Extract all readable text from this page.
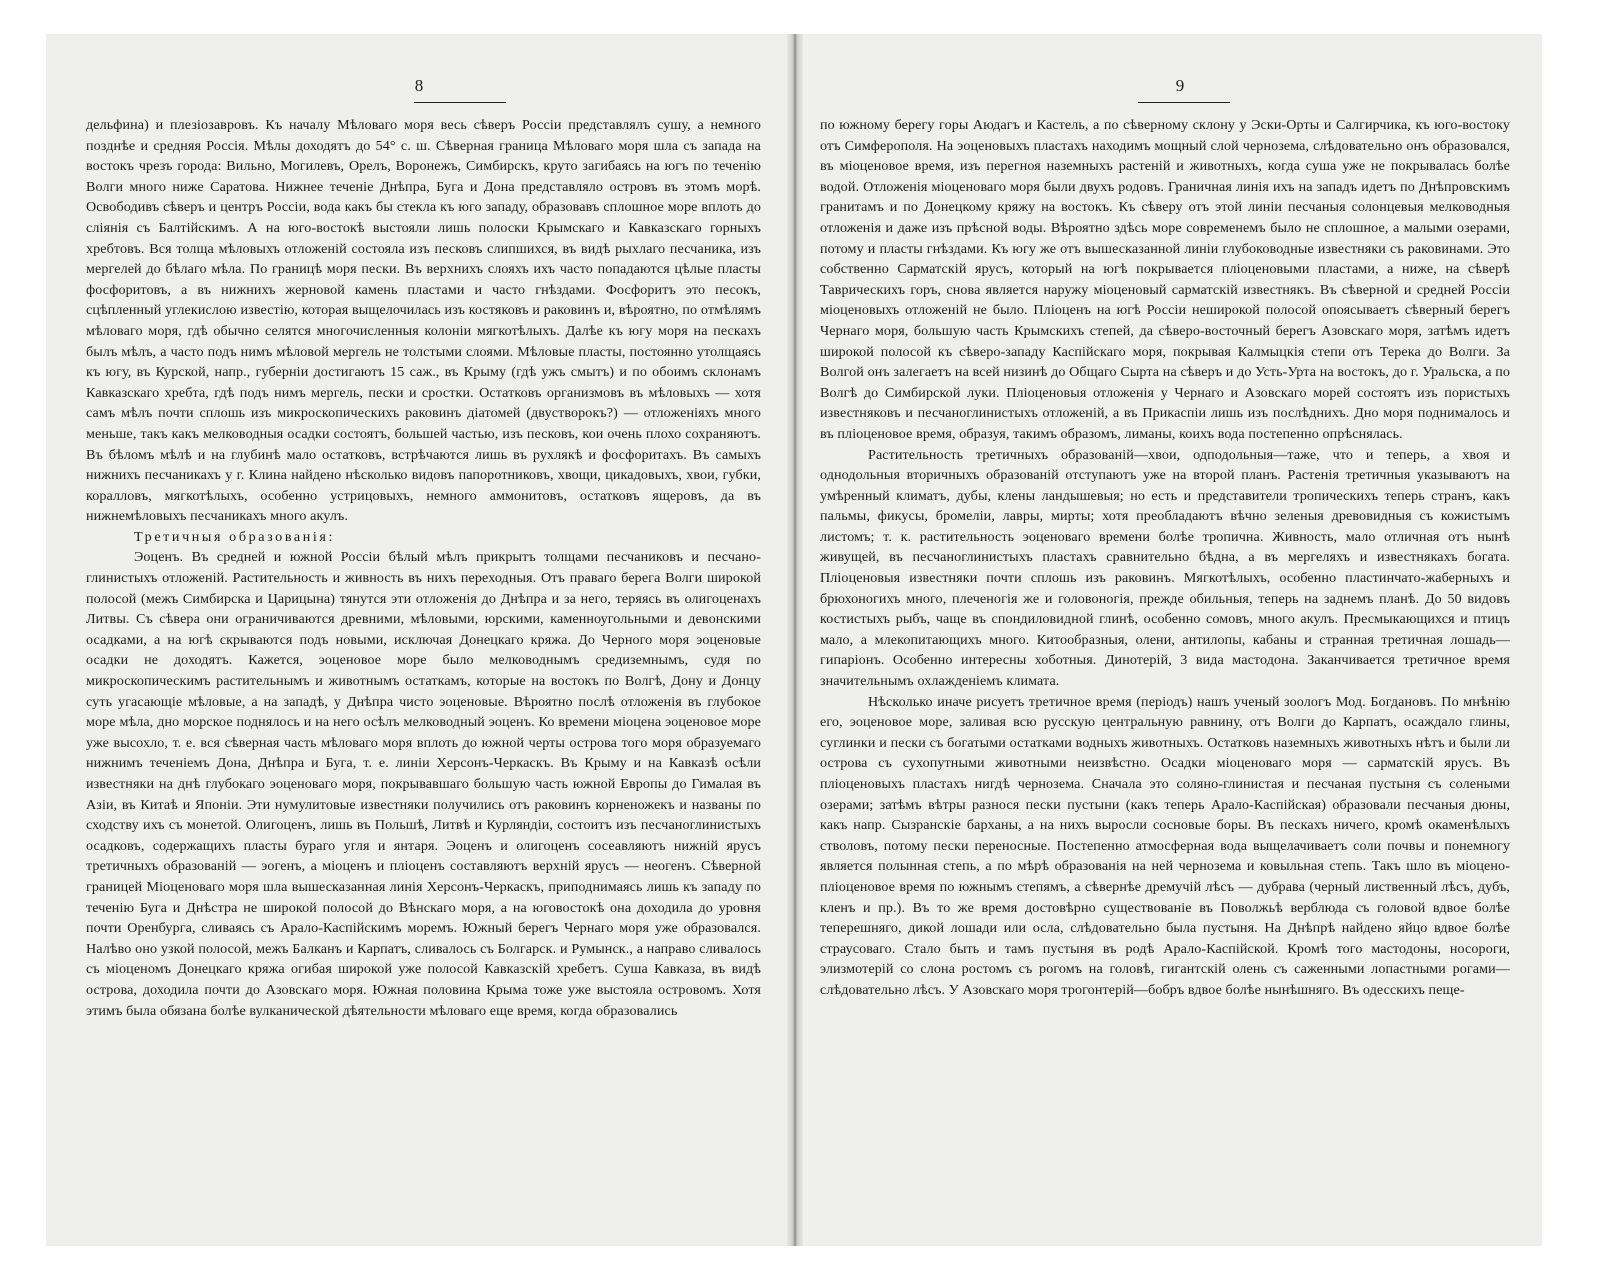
8

дельфина) и плезiозавровъ. Къ началу Мѣловаго моря весь сѣверъ Россiи представлялъ сушу, а немного позднѣе и средняя Россiя. Мѣлы доходятъ до 54° с. ш. Сѣверная граница Мѣловаго моря шла съ запада на востокъ чрезъ города: Вильно, Могилевъ, Орелъ, Воронежъ, Симбирскъ, круто загибаясь на югъ по теченiю Волги много ниже Саратова. Нижнее теченiе Днѣпра, Буга и Дона представляло островъ въ этомъ морѣ. Освободивъ сѣверъ и центръ Россiи, вода какъ бы стекла къ юго западу, образовавъ сплошное море вплоть до слiянiя съ Балтiйскимъ. А на юго-востокѣ выстояли лишь полоски Крымскаго и Кавказскаго горныхъ хребтовъ. Вся толща мѣловыхъ отложенiй состояла изъ песковъ слипшихся, въ видѣ рыхлаго песчаника, изъ мергелей до бѣлаго мѣла. По границѣ моря пески. Въ верхнихъ слояхъ ихъ часто попадаются цѣлые пласты фосфоритовъ, а въ нижнихъ жерновой камень пластами и часто гнѣздами. Фосфоритъ это песокъ, сцѣпленный углекислою известiю, которая выщелочилась изъ костяковъ и раковинъ и, вѣроятно, по отмѣлямъ мѣловаго моря, гдѣ обычно селятся многочисленныя колонiи мягкотѣлыхъ. Далѣе къ югу моря на пескахъ былъ мѣлъ, а часто подъ нимъ мѣловой мергель не толстыми слоями. Мѣловые пласты, постоянно утолщаясь къ югу, въ Курской, напр., губернiи достигаютъ 15 саж., въ Крыму (гдѣ ужъ смытъ) и по обоимъ склонамъ Кавказскаго хребта, гдѣ подъ нимъ мергель, пески и сростки. Остатковъ организмовъ въ мѣловыхъ — хотя самъ мѣлъ почти сплошь изъ микроскопическихъ раковинъ дiатомей (двустворокъ?) — отложенiяхъ много меньше, такъ какъ мелководныя осадки состоятъ, большей частью, изъ песковъ, кои очень плохо сохраняютъ. Въ бѣломъ мѣлѣ и на глубинѣ мало остатковъ, встрѣчаются лишь въ рухлякѣ и фосфоритахъ. Въ самыхъ нижнихъ песчаникахъ у г. Клина найдено нѣсколько видовъ папоротниковъ, хвощи, цикадовыхъ, хвои, губки, коралловъ, мягкотѣлыхъ, особенно устрицовыхъ, немного аммонитовъ, остатковъ ящеровъ, да въ нижнемѣловыхъ песчаникахъ много акулъ.

Третичныя образованiя:

Эоценъ. Въ средней и южной Россiи бѣлый мѣлъ прикрытъ толщами песчаниковъ и песчано-глинистыхъ отложенiй. Растительность и живность въ нихъ переходныя. Отъ праваго берега Волги широкой полосой (межъ Симбирска и Царицына) тянутся эти отложенiя до Днѣпра и за него, теряясь въ олигоценахъ Литвы. Съ сѣвера они ограничиваются древними, мѣловыми, юрскими, каменноугольными и девонскими осадками, а на югѣ скрываются подъ новыми, исключая Донецкаго кряжа. До Черного моря эоценовые осадки не доходятъ. Кажется, эоценовое море было мелководнымъ средиземнымъ, судя по микроскопическимъ растительнымъ и животнымъ остаткамъ, которые на востокъ по Волгѣ, Дону и Донцу суть угасающiе мѣловые, а на западѣ, у Днѣпра чисто эоценовые. Вѣроятно послѣ отложенiя въ глубокое море мѣла, дно морское поднялось и на него осѣлъ мелководный эоценъ. Ко времени мiоцена эоценовое море уже высохло, т. е. вся сѣверная часть мѣловаго моря вплоть до южной черты острова того моря образуемаго нижнимъ теченiемъ Дона, Днѣпра и Буга, т. е. линiи Херсонъ-Черкаскъ. Въ Крыму и на Кавказѣ осѣли известняки на днѣ глубокаго эоценоваго моря, покрывавшаго большую часть южной Европы до Гималая въ Азiи, въ Китаѣ и Японiи. Эти нумулитовые известняки получились отъ раковинъ корненожекъ и названы по сходству ихъ съ монетой. Олигоценъ, лишь въ Польшѣ, Литвѣ и Курляндiи, состоитъ изъ песчаноглинистыхъ осадковъ, содержащихъ пласты бураго угля и янтаря. Эоценъ и олигоценъ сосеавляютъ нижнiй ярусъ третичныхъ образованiй — эогенъ, а мiоценъ и плiоценъ составляютъ верхнiй ярусъ — неогенъ. Сѣверной границей Мiоценоваго моря шла вышесказанная линiя Херсонъ-Черкаскъ, приподнимаясь лишь къ западу по теченiю Буга и Днѣстра не широкой полосой до Вѣнскаго моря, а на юговостокѣ она доходила до уровня почти Оренбурга, сливаясь съ Арало-Каспiйскимъ моремъ. Южный берегъ Чернаго моря уже образовался. Налѣво оно узкой полосой, межъ Балканъ и Карпатъ, сливалось съ Болгарск. и Румынск., а направо сливалось съ мiоценомъ Донецкаго кряжа огибая широкой уже полосой Кавказскiй хребетъ. Суша Кавказа, въ видѣ острова, доходила почти до Азовскаго моря. Южная половина Крыма тоже уже выстояла островомъ. Хотя этимъ была обязана болѣе вулканической дѣятельности мѣловаго еще время, когда образовались

9

по южному берегу горы Аюдагъ и Кастель, а по сѣверному склону у Эски-Орты и Салгирчика, къ юго-востоку отъ Симферополя. На эоценовыхъ пластахъ находимъ мощный слой чернозема, слѣдовательно онъ образовался, въ мiоценовое время, изъ перегноя наземныхъ растенiй и животныхъ, когда суша уже не покрывалась болѣе водой. Отложенiя мiоценоваго моря были двухъ родовъ. Граничная линiя ихъ на западъ идетъ по Днѣпровскимъ гранитамъ и по Донецкому кряжу на востокъ. Къ сѣверу отъ этой линiи песчаныя солонцевыя мелководныя отложенiя и даже изъ прѣсной воды. Вѣроятно здѣсь море современемъ было не сплошное, а малыми озерами, потому и пласты гнѣздами. Къ югу же отъ вышесказанной линiи глубоководные известняки съ раковинами. Это собственно Сарматскiй ярусъ, который на югѣ покрывается плiоценовыми пластами, а ниже, на сѣверѣ Таврическихъ горъ, снова является наружу мiоценовый сарматскiй известнякъ. Въ сѣверной и средней Россiи мiоценовыхъ отложенiй не было. Плiоценъ на югѣ Россiи неширокой полосой опоясываетъ сѣверный берегъ Чернаго моря, большую часть Крымскихъ степей, да сѣверо-восточный берегъ Азовскаго моря, затѣмъ идетъ широкой полосой къ сѣверо-западу Каспiйскаго моря, покрывая Калмыцкiя степи отъ Терека до Волги. За Волгой онъ залегаетъ на всей низинѣ до Общаго Сырта на сѣверъ и до Усть-Урта на востокъ, до г. Уральска, а по Волгѣ до Симбирской луки. Плiоценовыя отложенiя у Чернаго и Азовскаго морей состоятъ изъ пористыхъ известняковъ и песчаноглинистыхъ отложенiй, а въ Прикаспiи лишь изъ послѣднихъ. Дно моря поднималось и въ плiоценовое время, образуя, такимъ образомъ, лиманы, коихъ вода постепенно опрѣснялась.

Растительность третичныхъ образованiй—хвои, одподольныя—таже, что и теперь, а хвоя и однодольныя вторичныхъ образованiй отступаютъ уже на второй планъ. Растенiя третичныя указываютъ на умѣренный климатъ, дубы, клены ландышевыя; но есть и представители тропическихъ теперь странъ, какъ пальмы, фикусы, бромелiи, лавры, мирты; хотя преобладаютъ вѣчно зеленыя древовидныя съ кожистымъ листомъ; т. к. растительность эоценоваго времени болѣе тропична. Живность, мало отличная отъ нынѣ живущей, въ песчаноглинистыхъ пластахъ сравнительно бѣдна, а въ мергеляхъ и известнякахъ богата. Плiоценовыя известняки почти сплошь изъ раковинъ. Мягкотѣлыхъ, особенно пластинчато-жаберныхъ и брюхоногихъ много, плеченогiя же и головоногiя, прежде обильныя, теперь на заднемъ планѣ. До 50 видовъ костистыхъ рыбъ, чаще въ спондиловидной глинѣ, особенно сомовъ, много акулъ. Пресмыкающихся и птицъ мало, а млекопитающихъ много. Китообразныя, олени, антилопы, кабаны и странная третичная лошадь—гипарiонъ. Особенно интересны хоботныя. Динотерiй, 3 вида мастодона. Заканчивается третичное время значительнымъ охлажденiемъ климата.

Нѣсколько иначе рисуетъ третичное время (перiодъ) нашъ ученый зоологъ Мод. Богдановъ. По мнѣнiю его, эоценовое море, заливая всю русскую центральную равнину, отъ Волги до Карпатъ, осаждало глины, суглинки и пески съ богатыми остатками водныхъ животныхъ. Остатковъ наземныхъ животныхъ нѣтъ и были ли острова съ сухопутными животными неизвѣстно. Осадки мiоценоваго моря — сарматскiй ярусъ. Въ плiоценовыхъ пластахъ нигдѣ чернозема. Сначала это соляно-глинистая и песчаная пустыня съ солеными озерами; затѣмъ вѣтры разнося пески пустыни (какъ теперь Арало-Каспiйская) образовали песчаныя дюны, какъ напр. Сызранскiе барханы, а на нихъ выросли сосновые боры. Въ пескахъ ничего, кромѣ окаменѣлыхъ стволовъ, потому пески переносные. Постепенно атмосферная вода выщелачиваетъ соли почвы и понемногу является полынная степь, а по мѣрѣ образованiя на ней чернозема и ковыльная степь. Такъ шло въ мiоцено-плiоценовое время по южнымъ степямъ, а сѣвернѣе дремучiй лѣсъ — дубрава (черный лиственный лѣсъ, дубъ, кленъ и пр.). Въ то же время достовѣрно существованiе въ Поволжьѣ верблюда съ головой вдвое болѣе теперешняго, дикой лошади или осла, слѣдовательно была пустыня. На Днѣпрѣ найдено яйцо вдвое болѣе страусоваго. Стало быть и тамъ пустыня въ родѣ Арало-Каспiйской. Кромѣ того мастодоны, носороги, элизмотерiй со слона ростомъ съ рогомъ на головѣ, гигантскiй олень съ саженными лопастными рогами—слѣдовательно лѣсъ. У Азовскаго моря трогонтерiй—бобръ вдвое болѣе нынѣшняго. Въ одесскихъ пеще-
